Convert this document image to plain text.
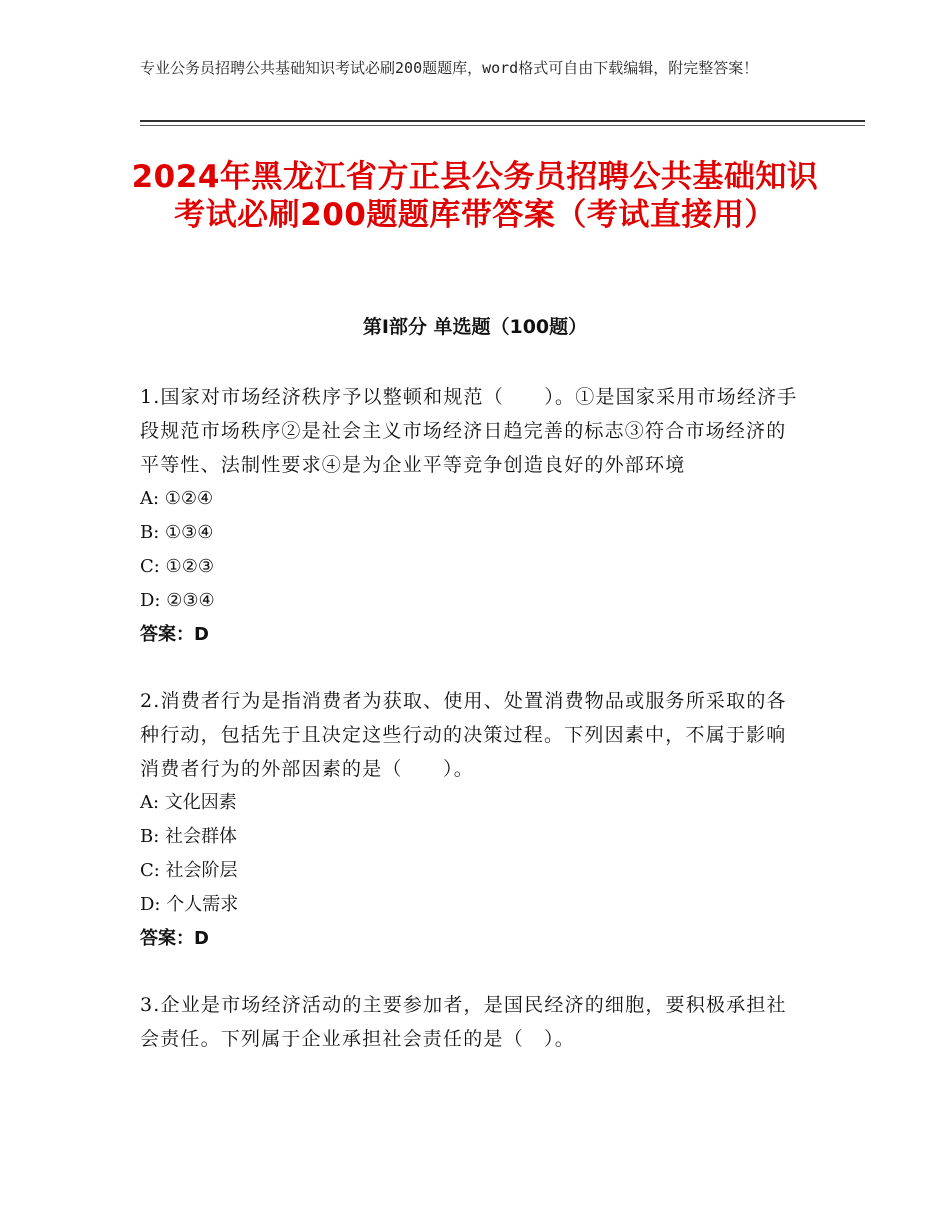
专业公务员招聘公共基础知识考试必刷200题题库，word格式可自由下载编辑，附完整答案！
2024年黑龙江省方正县公务员招聘公共基础知识考试必刷200题题库带答案（考试直接用）
第Ⅰ部分 单选题（100题）
1.国家对市场经济秩序予以整顿和规范（　　）。①是国家采用市场经济手段规范市场秩序②是社会主义市场经济日趋完善的标志③符合市场经济的平等性、法制性要求④是为企业平等竞争创造良好的外部环境
A: ①②④
B: ①③④
C: ①②③
D: ②③④
答案：D
2.消费者行为是指消费者为获取、使用、处置消费物品或服务所采取的各种行动，包括先于且决定这些行动的决策过程。下列因素中，不属于影响消费者行为的外部因素的是（　　）。
A: 文化因素
B: 社会群体
C: 社会阶层
D: 个人需求
答案：D
3.企业是市场经济活动的主要参加者，是国民经济的细胞，要积极承担社会责任。下列属于企业承担社会责任的是（　）。
